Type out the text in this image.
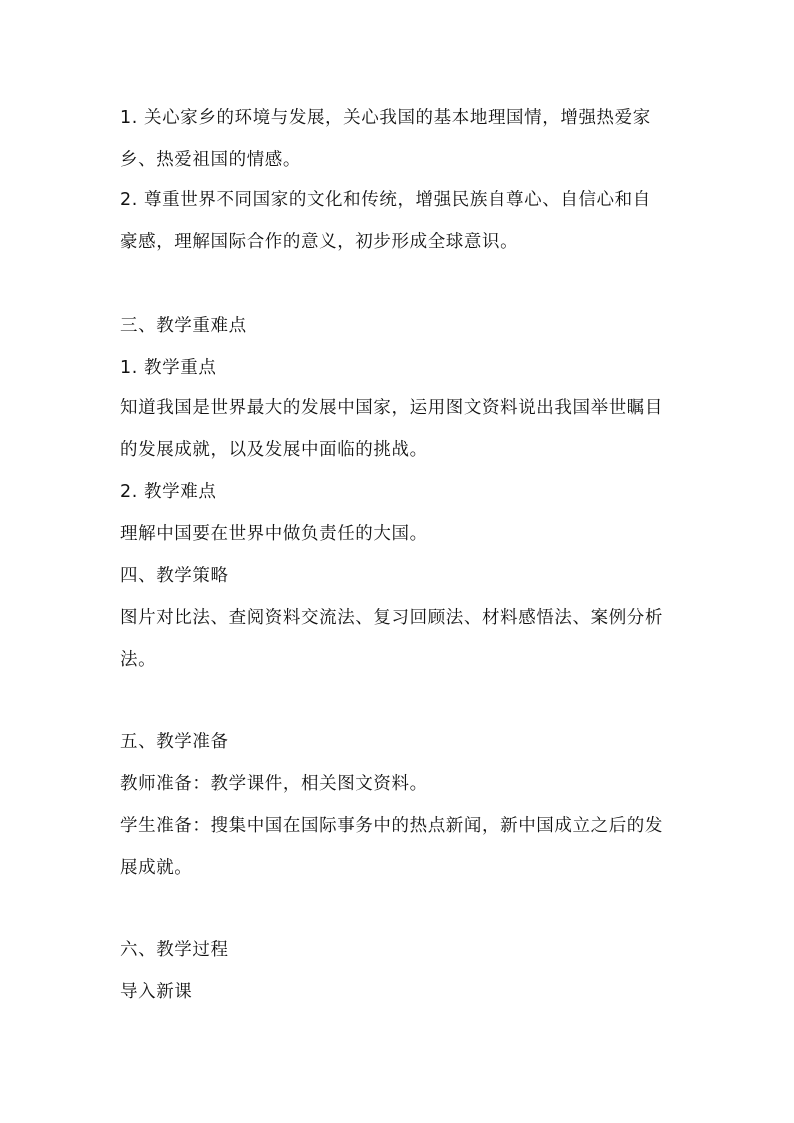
1. 关心家乡的环境与发展，关心我国的基本地理国情，增强热爱家
乡、热爱祖国的情感。
2. 尊重世界不同国家的文化和传统，增强民族自尊心、自信心和自
豪感，理解国际合作的意义，初步形成全球意识。
三、教学重难点
1. 教学重点
知道我国是世界最大的发展中国家，运用图文资料说出我国举世瞩目
的发展成就，以及发展中面临的挑战。
2. 教学难点
理解中国要在世界中做负责任的大国。
四、教学策略
图片对比法、查阅资料交流法、复习回顾法、材料感悟法、案例分析
法。
五、教学准备
教师准备：教学课件，相关图文资料。
学生准备：搜集中国在国际事务中的热点新闻，新中国成立之后的发
展成就。
六、教学过程
导入新课
